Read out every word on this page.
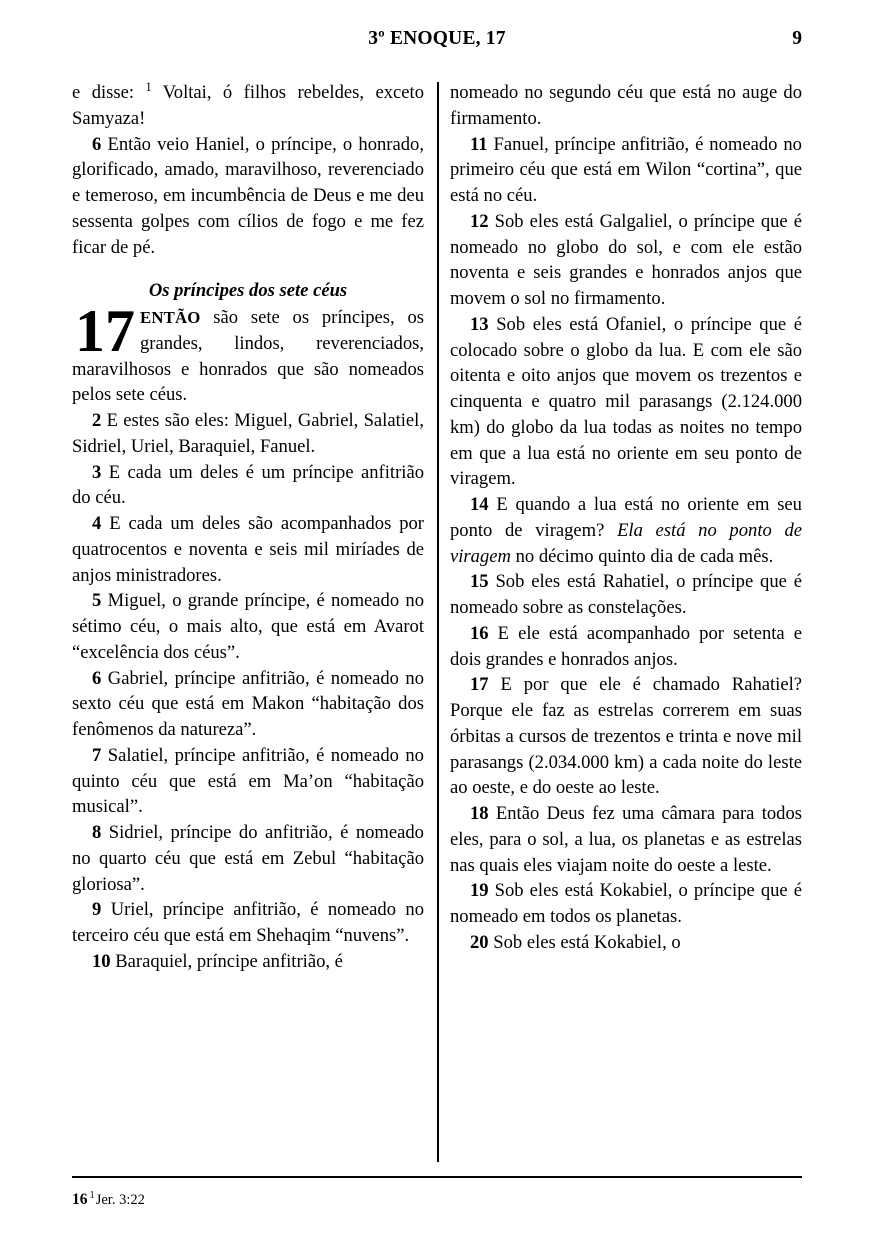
3º ENOQUE, 17	9

e disse: $^1$ Voltai, ó filhos rebeldes, exceto Samyaza!

6 Então veio Haniel, o príncipe, o honrado, glorificado, amado, maravilhoso, reverenciado e temeroso, em incumbência de Deus e me deu sessenta golpes com cílios de fogo e me fez ficar de pé.

Os príncipes dos sete céus

17 ENTÃO são sete os príncipes, os grandes, lindos, reverenciados, maravilhosos e honrados que são nomeados pelos sete céus.

2 E estes são eles: Miguel, Gabriel, Salatiel, Sidriel, Uriel, Baraquiel, Fanuel.

3 E cada um deles é um príncipe anfitrião do céu.

4 E cada um deles são acompanhados por quatrocentos e noventa e seis mil miríades de anjos ministradores.

5 Miguel, o grande príncipe, é nomeado no sétimo céu, o mais alto, que está em Avarot “excelência dos céus”.

6 Gabriel, príncipe anfitrião, é nomeado no sexto céu que está em Makon “habitação dos fenômenos da natureza”.

7 Salatiel, príncipe anfitrião, é nomeado no quinto céu que está em Ma’on “habitação musical”.

8 Sidriel, príncipe do anfitrião, é nomeado no quarto céu que está em Zebul “habitação gloriosa”.

9 Uriel, príncipe anfitrião, é nomeado no terceiro céu que está em Shehaqim “nuvens”.

10 Baraquiel, príncipe anfitrião, é

nomeado no segundo céu que está no auge do firmamento.

11 Fanuel, príncipe anfitrião, é nomeado no primeiro céu que está em Wilon “cortina”, que está no céu.

12 Sob eles está Galgaliel, o príncipe que é nomeado no globo do sol, e com ele estão noventa e seis grandes e honrados anjos que movem o sol no firmamento.

13 Sob eles está Ofaniel, o príncipe que é colocado sobre o globo da lua. E com ele são oitenta e oito anjos que movem os trezentos e cinquenta e quatro mil parasangs (2.124.000 km) do globo da lua todas as noites no tempo em que a lua está no oriente em seu ponto de viragem.

14 E quando a lua está no oriente em seu ponto de viragem? Ela está no ponto de viragem no décimo quinto dia de cada mês.

15 Sob eles está Rahatiel, o príncipe que é nomeado sobre as constelações.

16 E ele está acompanhado por setenta e dois grandes e honrados anjos.

17 E por que ele é chamado Rahatiel? Porque ele faz as estrelas correrem em suas órbitas a cursos de trezentos e trinta e nove mil parasangs (2.034.000 km) a cada noite do leste ao oeste, e do oeste ao leste.

18 Então Deus fez uma câmara para todos eles, para o sol, a lua, os planetas e as estrelas nas quais eles viajam noite do oeste a leste.

19 Sob eles está Kokabiel, o príncipe que é nomeado em todos os planetas.

20 Sob eles está Kokabiel, o

16 $^1$Jer. 3:22
